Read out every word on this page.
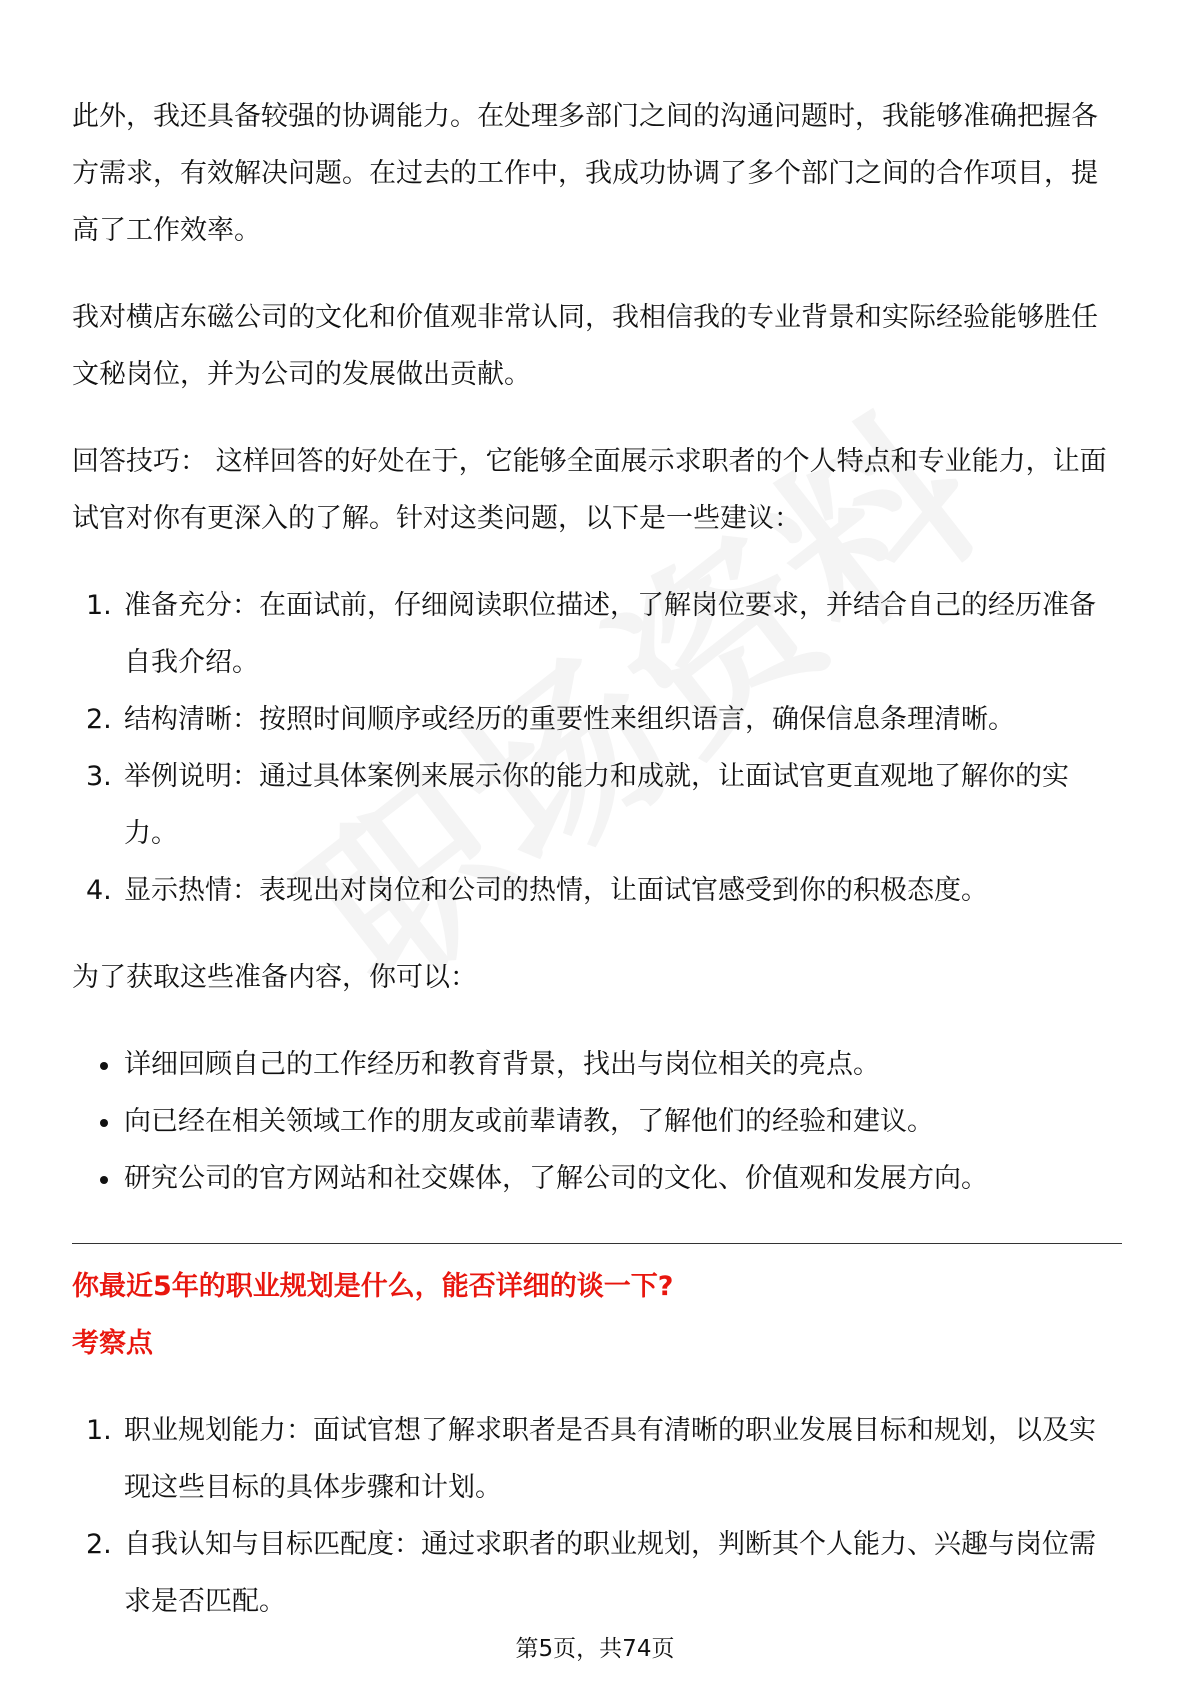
此外，我还具备较强的协调能力。在处理多部门之间的沟通问题时，我能够准确把握各方需求，有效解决问题。在过去的工作中，我成功协调了多个部门之间的合作项目，提高了工作效率。

我对横店东磁公司的文化和价值观非常认同，我相信我的专业背景和实际经验能够胜任文秘岗位，并为公司的发展做出贡献。

回答技巧： 这样回答的好处在于，它能够全面展示求职者的个人特点和专业能力，让面试官对你有更深入的了解。针对这类问题，以下是一些建议：

1. 准备充分：在面试前，仔细阅读职位描述，了解岗位要求，并结合自己的经历准备自我介绍。
2. 结构清晰：按照时间顺序或经历的重要性来组织语言，确保信息条理清晰。
3. 举例说明：通过具体案例来展示你的能力和成就，让面试官更直观地了解你的实力。
4. 显示热情：表现出对岗位和公司的热情，让面试官感受到你的积极态度。

为了获取这些准备内容，你可以：

详细回顾自己的工作经历和教育背景，找出与岗位相关的亮点。
向已经在相关领域工作的朋友或前辈请教，了解他们的经验和建议。
研究公司的官方网站和社交媒体，了解公司的文化、价值观和发展方向。

你最近5年的职业规划是什么，能否详细的谈一下?

考察点

1. 职业规划能力：面试官想了解求职者是否具有清晰的职业发展目标和规划，以及实现这些目标的具体步骤和计划。
2. 自我认知与目标匹配度：通过求职者的职业规划，判断其个人能力、兴趣与岗位需求是否匹配。
第5页，共74页
